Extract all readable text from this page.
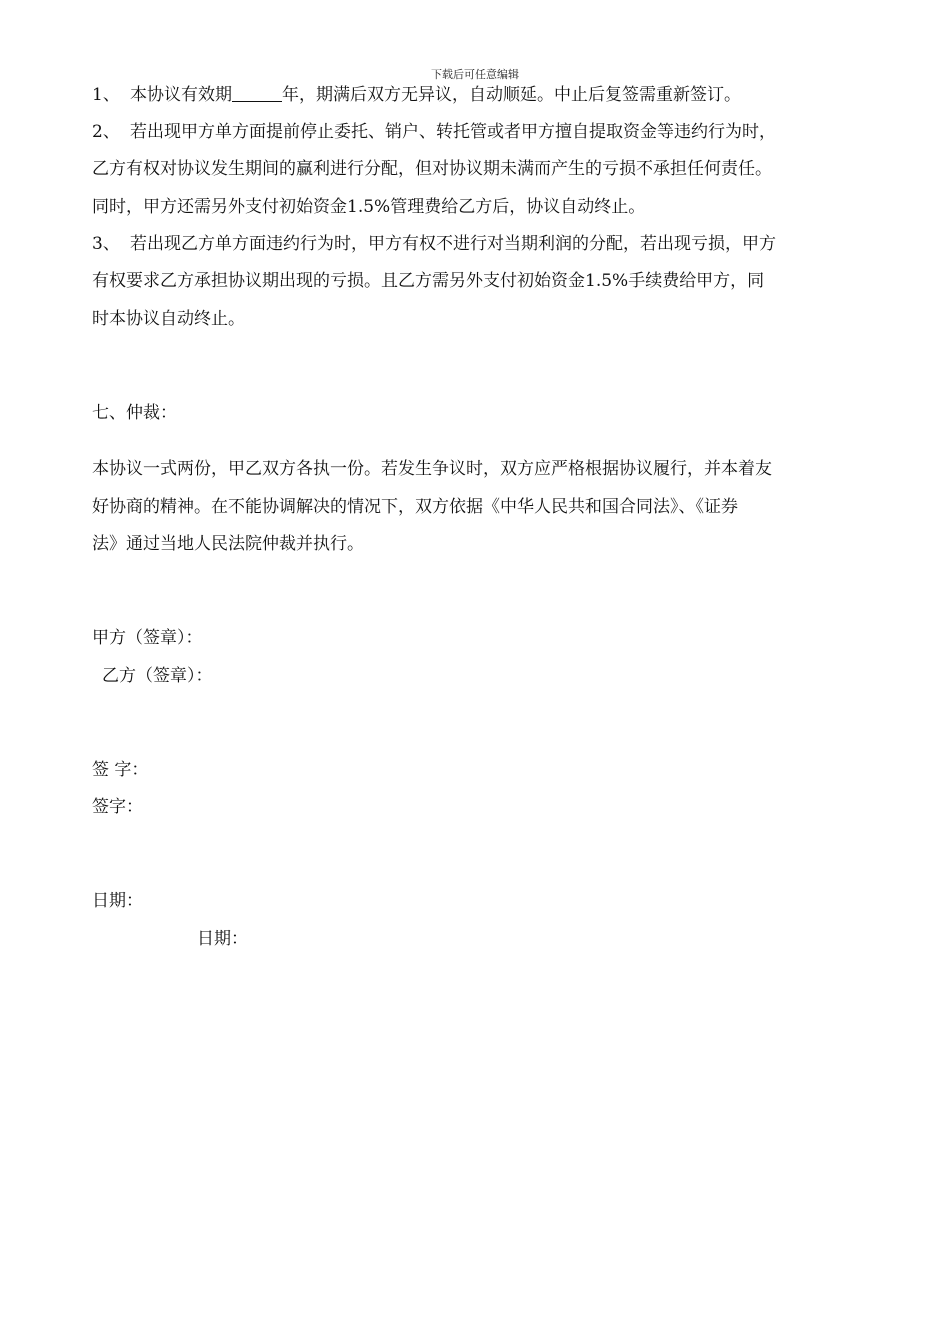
下载后可任意编辑
1、 本协议有效期	年，期满后双方无异议，自动顺延。中止后复签需重新签订。
2、 若出现甲方单方面提前停止委托、销户、转托管或者甲方擅自提取资金等违约行为时，
乙方有权对协议发生期间的赢利进行分配，但对协议期未满而产生的亏损不承担任何责任。
同时，甲方还需另外支付初始资金1.5%管理费给乙方后，协议自动终止。
3、 若出现乙方单方面违约行为时，甲方有权不进行对当期利润的分配，若出现亏损，甲方
有权要求乙方承担协议期出现的亏损。且乙方需另外支付初始资金1.5%手续费给甲方，同
时本协议自动终止。
七、仲裁：
本协议一式两份，甲乙双方各执一份。若发生争议时，双方应严格根据协议履行，并本着友
好协商的精神。在不能协调解决的情况下，双方依据《中华人民共和国合同法》、《证券
法》通过当地人民法院仲裁并执行。
甲方（签章）：
乙方（签章）：
签 字：
签字：
日期：
日期：
